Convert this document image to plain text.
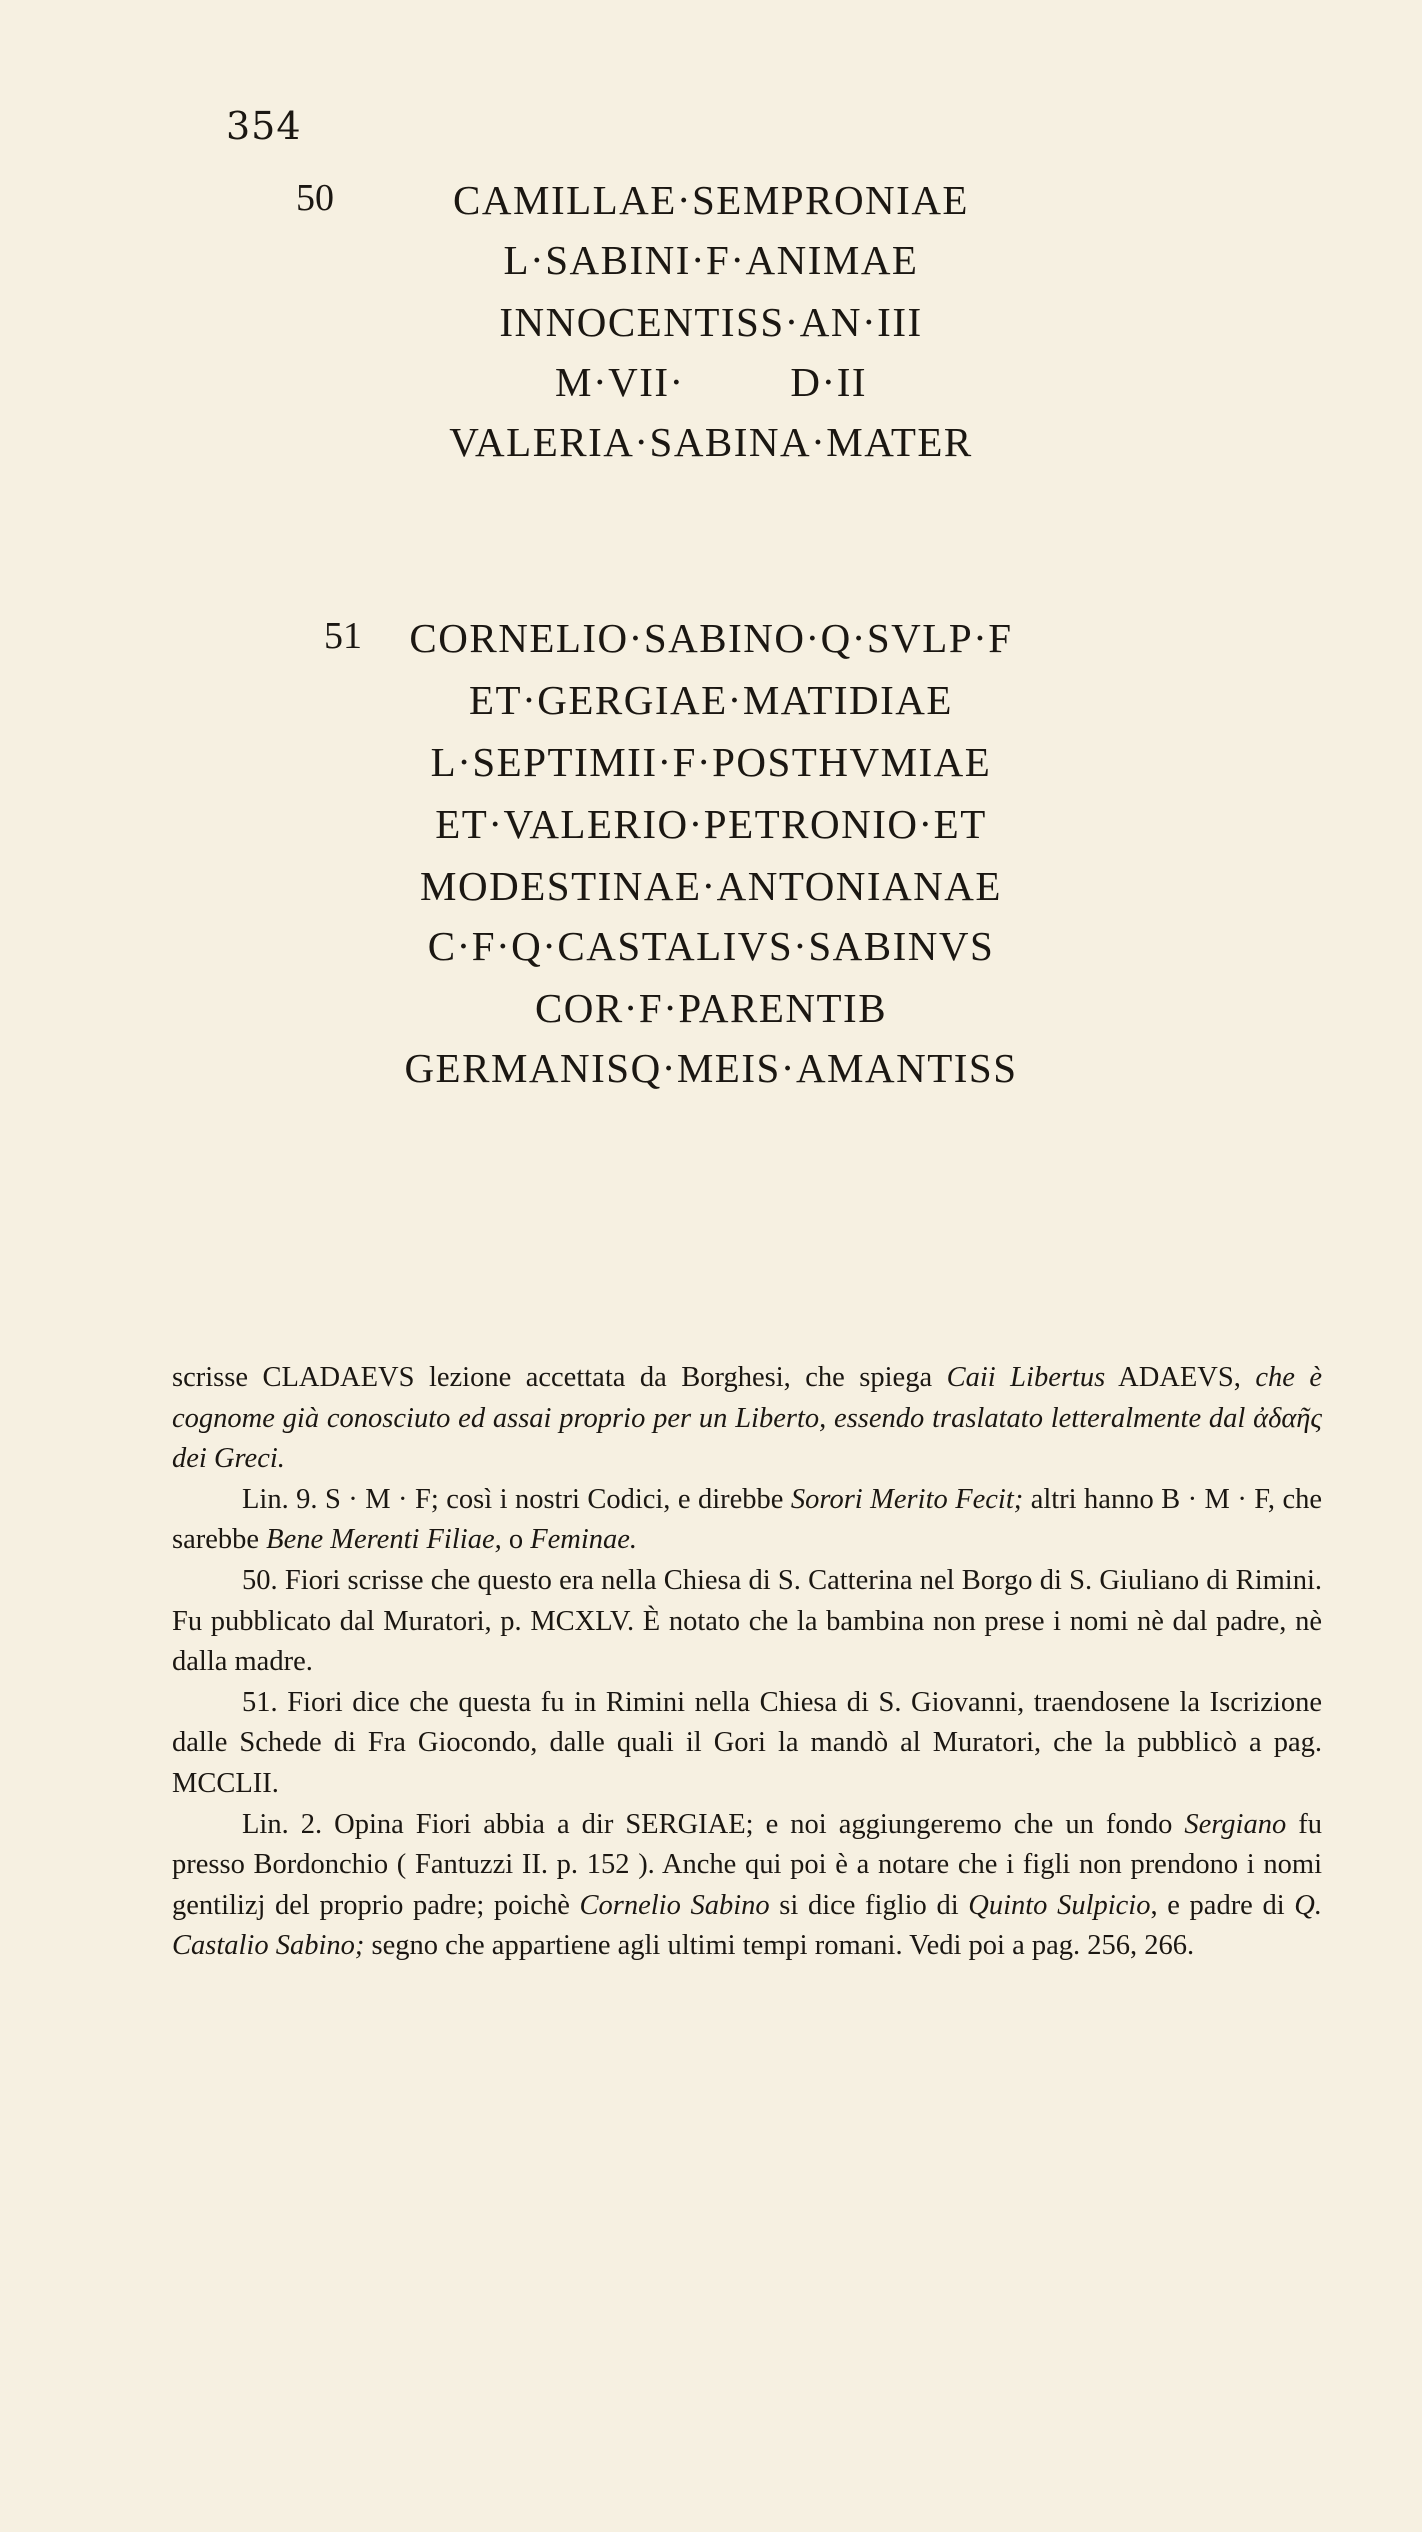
354
50	CAMILLAE·SEMPRONIAE
L·SABINI·F·ANIMAE
INNOCENTISS·AN·III
M·VII·         D·II
VALERIA·SABINA·MATER
51	CORNELIO·SABINO·Q·SVLP·F
ET·GERGIAE·MATIDIAE
L·SEPTIMII·F·POSTHVMIAE
ET·VALERIO·PETRONIO·ET
MODESTINAE·ANTONIANAE
C·F·Q·CASTALIVS·SABINVS
COR·F·PARENTIB
GERMANISQ·MEIS·AMANTISS

scrisse CLADAEVS lezione accettata da Borghesi, che spiega Caii Libertus ADAEVS, che è cognome già conosciuto ed assai proprio per un Liberto, essendo traslatato letteralmente dal ἀδαῆς dei Greci.

Lin. 9. S · M · F; così i nostri Codici, e direbbe Sorori Merito Fecit; altri hanno B · M · F, che sarebbe Bene Merenti Filiae, o Feminae.

50. Fiori scrisse che questo era nella Chiesa di S. Catterina nel Borgo di S. Giuliano di Rimini. Fu pubblicato dal Muratori, p. MCXLV. È notato che la bambina non prese i nomi nè dal padre, nè dalla madre.

51. Fiori dice che questa fu in Rimini nella Chiesa di S. Giovanni, traendosene la Iscrizione dalle Schede di Fra Giocondo, dalle quali il Gori la mandò al Muratori, che la pubblicò a pag. MCCLII.

Lin. 2. Opina Fiori abbia a dir SERGIAE; e noi aggiungeremo che un fondo Sergiano fu presso Bordonchio ( Fantuzzi II. p. 152 ). Anche qui poi è a notare che i figli non prendono i nomi gentilizj del proprio padre; poichè Cornelio Sabino si dice figlio di Quinto Sulpicio, e padre di Q. Castalio Sabino; segno che appartiene agli ultimi tempi romani. Vedi poi a pag. 256, 266.
